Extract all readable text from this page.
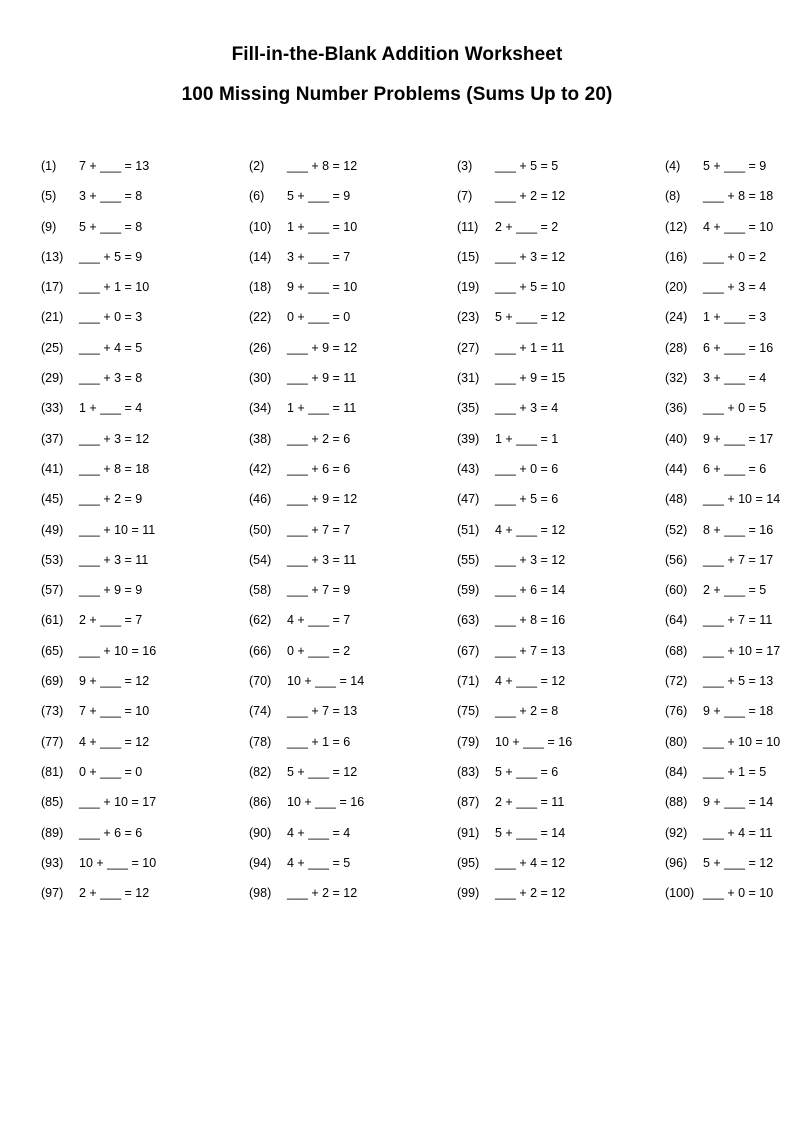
Fill-in-the-Blank Addition Worksheet
100 Missing Number Problems (Sums Up to 20)
(1) 7 + ___ = 13	(2) ___ + 8 = 12	(3) ___ + 5 = 5	(4) 5 + ___ = 9
(5) 3 + ___ = 8	(6) 5 + ___ = 9	(7) ___ + 2 = 12	(8) ___ + 8 = 18
(9) 5 + ___ = 8	(10) 1 + ___ = 10	(11) 2 + ___ = 2	(12) 4 + ___ = 10
(13) ___ + 5 = 9	(14) 3 + ___ = 7	(15) ___ + 3 = 12	(16) ___ + 0 = 2
(17) ___ + 1 = 10	(18) 9 + ___ = 10	(19) ___ + 5 = 10	(20) ___ + 3 = 4
(21) ___ + 0 = 3	(22) 0 + ___ = 0	(23) 5 + ___ = 12	(24) 1 + ___ = 3
(25) ___ + 4 = 5	(26) ___ + 9 = 12	(27) ___ + 1 = 11	(28) 6 + ___ = 16
(29) ___ + 3 = 8	(30) ___ + 9 = 11	(31) ___ + 9 = 15	(32) 3 + ___ = 4
(33) 1 + ___ = 4	(34) 1 + ___ = 11	(35) ___ + 3 = 4	(36) ___ + 0 = 5
(37) ___ + 3 = 12	(38) ___ + 2 = 6	(39) 1 + ___ = 1	(40) 9 + ___ = 17
(41) ___ + 8 = 18	(42) ___ + 6 = 6	(43) ___ + 0 = 6	(44) 6 + ___ = 6
(45) ___ + 2 = 9	(46) ___ + 9 = 12	(47) ___ + 5 = 6	(48) ___ + 10 = 14
(49) ___ + 10 = 11	(50) ___ + 7 = 7	(51) 4 + ___ = 12	(52) 8 + ___ = 16
(53) ___ + 3 = 11	(54) ___ + 3 = 11	(55) ___ + 3 = 12	(56) ___ + 7 = 17
(57) ___ + 9 = 9	(58) ___ + 7 = 9	(59) ___ + 6 = 14	(60) 2 + ___ = 5
(61) 2 + ___ = 7	(62) 4 + ___ = 7	(63) ___ + 8 = 16	(64) ___ + 7 = 11
(65) ___ + 10 = 16	(66) 0 + ___ = 2	(67) ___ + 7 = 13	(68) ___ + 10 = 17
(69) 9 + ___ = 12	(70) 10 + ___ = 14	(71) 4 + ___ = 12	(72) ___ + 5 = 13
(73) 7 + ___ = 10	(74) ___ + 7 = 13	(75) ___ + 2 = 8	(76) 9 + ___ = 18
(77) 4 + ___ = 12	(78) ___ + 1 = 6	(79) 10 + ___ = 16	(80) ___ + 10 = 10
(81) 0 + ___ = 0	(82) 5 + ___ = 12	(83) 5 + ___ = 6	(84) ___ + 1 = 5
(85) ___ + 10 = 17	(86) 10 + ___ = 16	(87) 2 + ___ = 11	(88) 9 + ___ = 14
(89) ___ + 6 = 6	(90) 4 + ___ = 4	(91) 5 + ___ = 14	(92) ___ + 4 = 11
(93) 10 + ___ = 10	(94) 4 + ___ = 5	(95) ___ + 4 = 12	(96) 5 + ___ = 12
(97) 2 + ___ = 12	(98) ___ + 2 = 12	(99) ___ + 2 = 12	(100) ___ + 0 = 10
